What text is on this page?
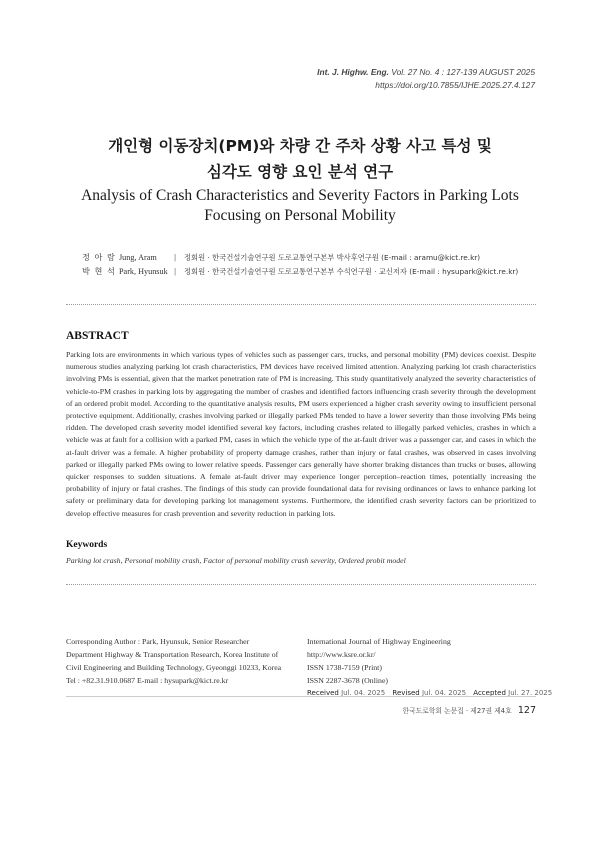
Int. J. Highw. Eng. Vol. 27 No. 4 : 127-139 AUGUST 2025
https://doi.org/10.7855/IJHE.2025.27.4.127
개인형 이동장치(PM)와 차량 간 주차 상황 사고 특성 및
심각도 영향 요인 분석 연구
Analysis of Crash Characteristics and Severity Factors in Parking Lots
Focusing on Personal Mobility
정 아 람 Jung, Aram	|	정회원 · 한국건설기술연구원 도로교통연구본부 박사후연구원 (E-mail : aramu@kict.re.kr)
박 현 석 Park, Hyunsuk |	정회원 · 한국건설기술연구원 도로교통연구본부 수석연구원 · 교신저자 (E-mail : hysupark@kict.re.kr)
ABSTRACT
Parking lots are environments in which various types of vehicles such as passenger cars, trucks, and personal mobility (PM) devices coexist. Despite numerous studies analyzing parking lot crash characteristics, PM devices have received limited attention. Analyzing parking lot crash characteristics involving PMs is essential, given that the market penetration rate of PM is increasing. This study quantitatively analyzed the severity characteristics of vehicle-to-PM crashes in parking lots by aggregating the number of crashes and identified factors influencing crash severity through the development of an ordered probit model. According to the quantitative analysis results, PM users experienced a higher crash severity owing to insufficient personal protective equipment. Additionally, crashes involving parked or illegally parked PMs tended to have a lower severity than those involving PMs being ridden. The developed crash severity model identified several key factors, including crashes related to illegally parked vehicles, crashes in which a vehicle was at fault for a collision with a parked PM, cases in which the vehicle type of the at-fault driver was a passenger car, and cases in which the at-fault driver was a female. A higher probability of property damage crashes, rather than injury or fatal crashes, was observed in cases involving parked or illegally parked PMs owing to lower relative speeds. Passenger cars generally have shorter braking distances than trucks or buses, allowing quicker responses to sudden situations. A female at-fault driver may experience longer perception–reaction times, potentially increasing the probability of injury or fatal crashes. The findings of this study can provide foundational data for revising ordinances or laws to enhance parking lot safety or preliminary data for developing parking lot management systems. Furthermore, the identified crash severity factors can be prioritized to develop effective measures for crash prevention and severity reduction in parking lots.
Keywords
Parking lot crash, Personal mobility crash, Factor of personal mobility crash severity, Ordered probit model
Corresponding Author : Park, Hyunsuk, Senior Researcher
Department Highway & Transportation Research, Korea Institute of
Civil Engineering and Building Technology, Gyeonggi 10233, Korea
Tel : +82.31.910.0687 E-mail : hysupark@kict.re.kr
International Journal of Highway Engineering
http://www.ksre.or.kr/
ISSN 1738-7159 (Print)
ISSN 2287-3678 (Online)
Received Jul. 04. 2025 Revised Jul. 04. 2025 Accepted Jul. 27. 2025
한국도로학회 논문집 · 제27권 제4호 127
